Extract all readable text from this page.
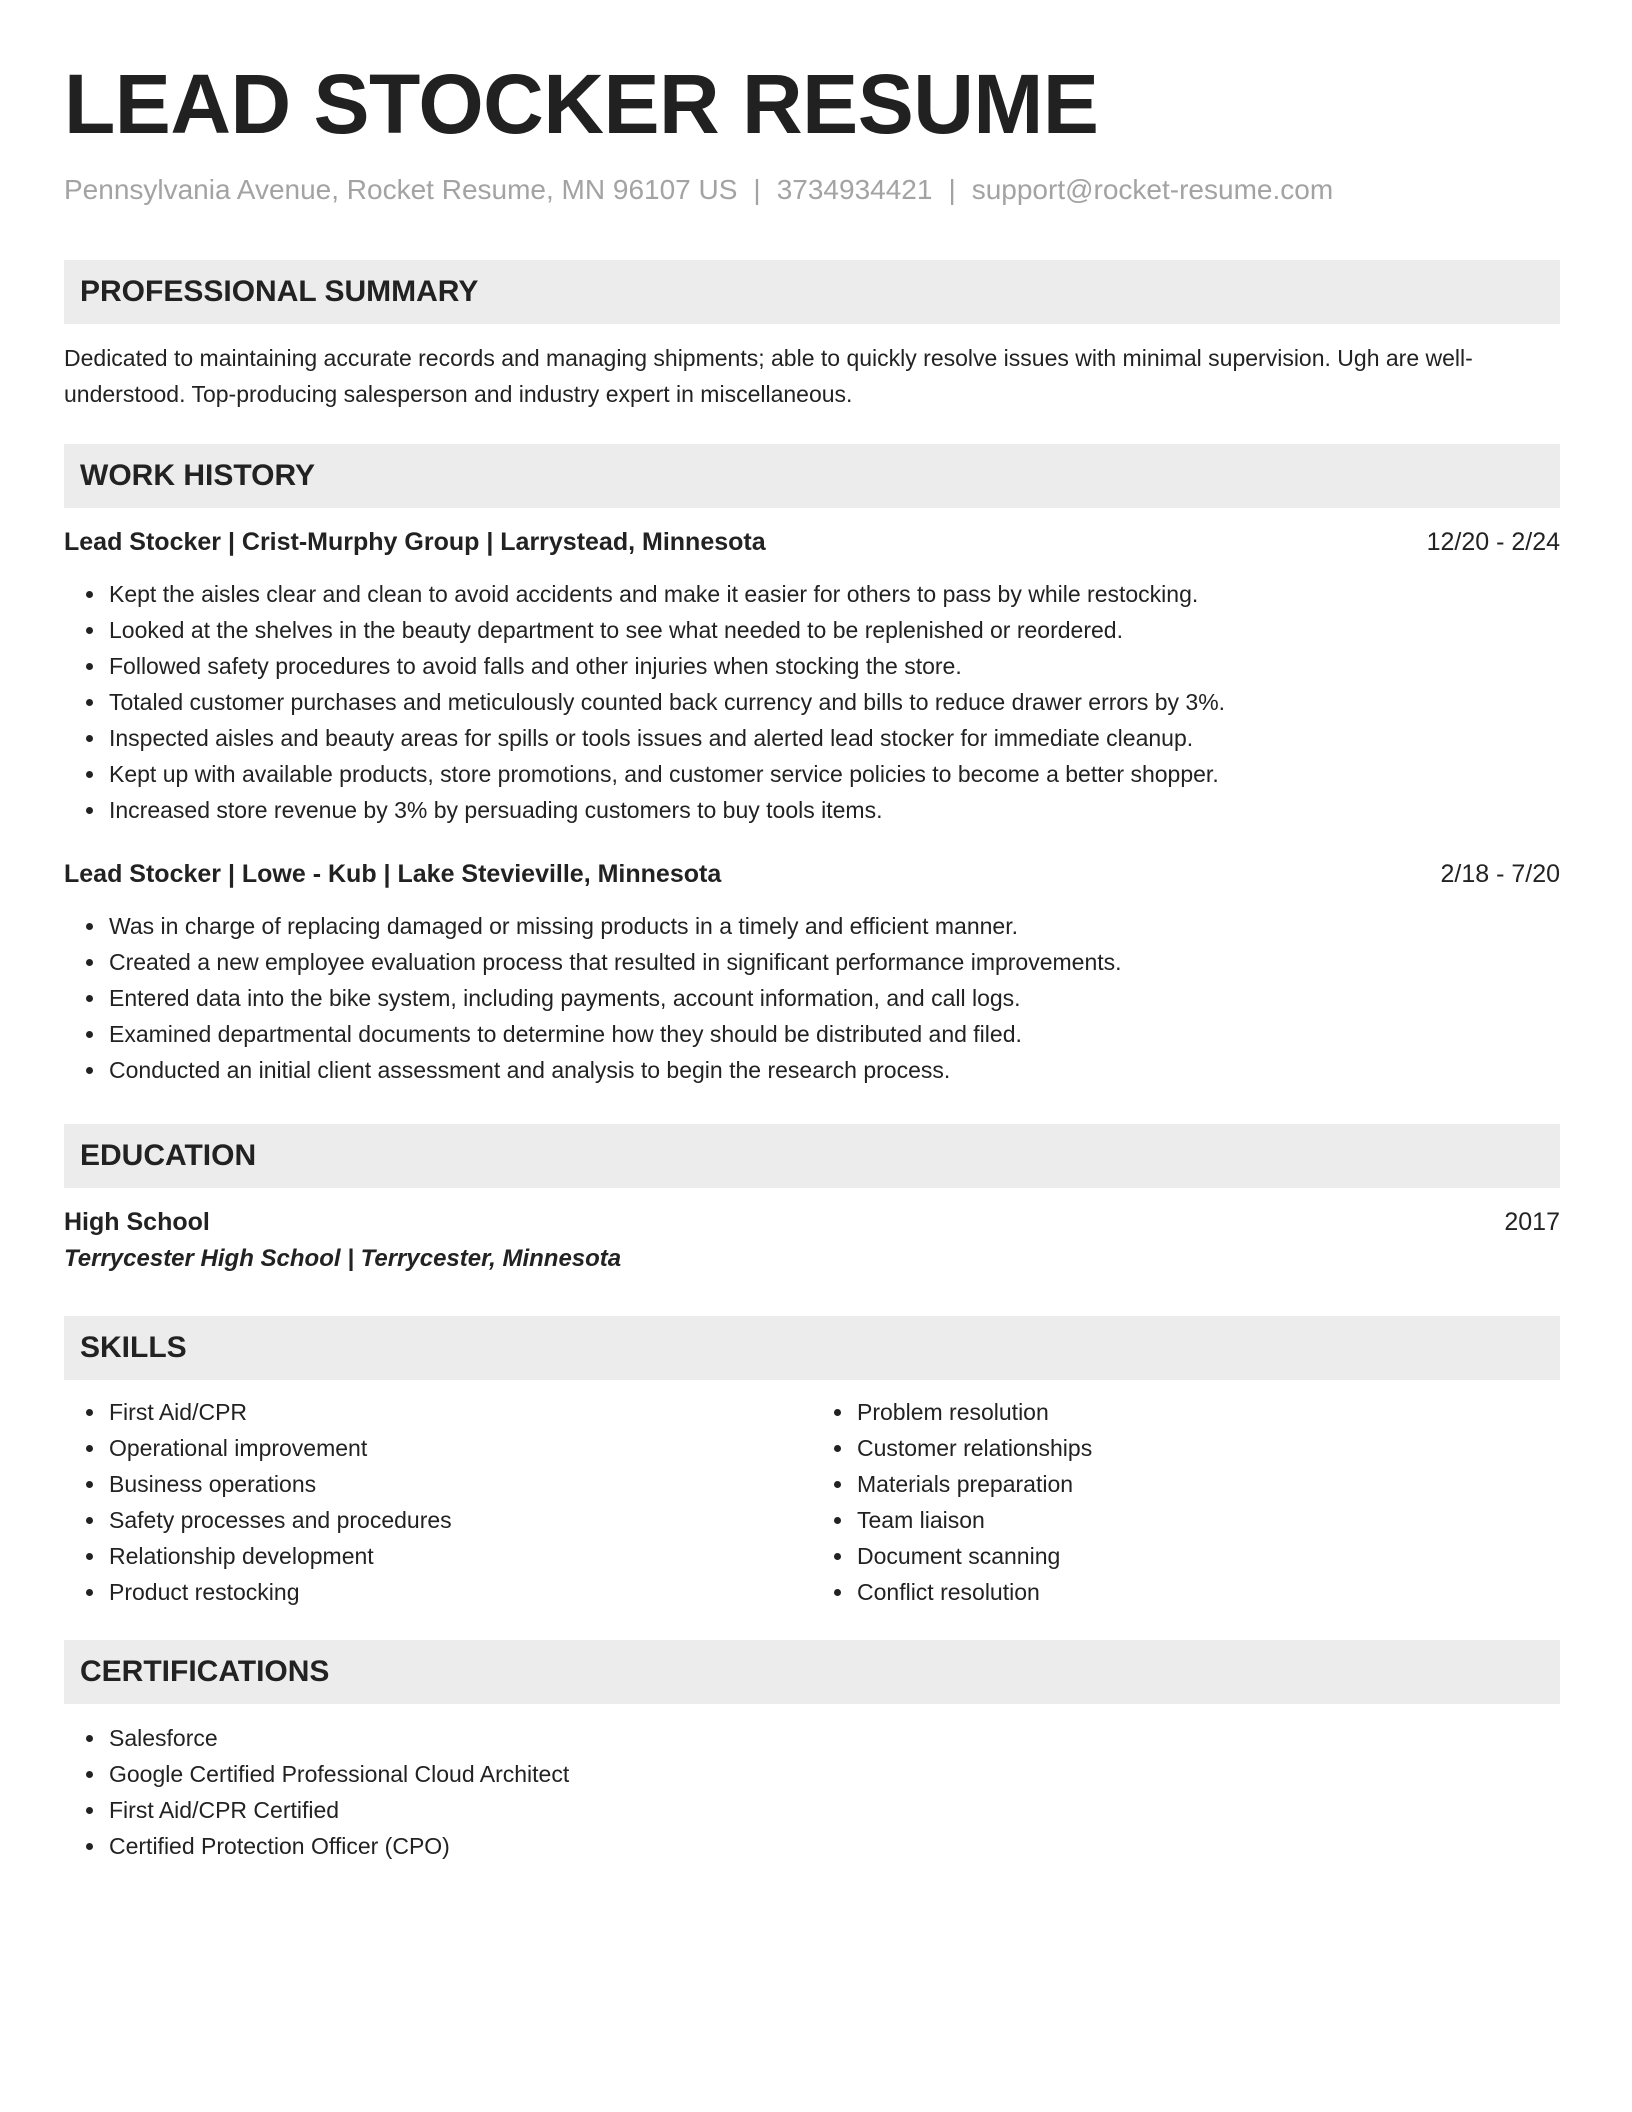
LEAD STOCKER RESUME
Pennsylvania Avenue, Rocket Resume, MN 96107 US | 3734934421 | support@rocket-resume.com
PROFESSIONAL SUMMARY
Dedicated to maintaining accurate records and managing shipments; able to quickly resolve issues with minimal supervision. Ugh are well-understood. Top-producing salesperson and industry expert in miscellaneous.
WORK HISTORY
Lead Stocker | Crist-Murphy Group | Larrystead, Minnesota	12/20 - 2/24
• Kept the aisles clear and clean to avoid accidents and make it easier for others to pass by while restocking.
• Looked at the shelves in the beauty department to see what needed to be replenished or reordered.
• Followed safety procedures to avoid falls and other injuries when stocking the store.
• Totaled customer purchases and meticulously counted back currency and bills to reduce drawer errors by 3%.
• Inspected aisles and beauty areas for spills or tools issues and alerted lead stocker for immediate cleanup.
• Kept up with available products, store promotions, and customer service policies to become a better shopper.
• Increased store revenue by 3% by persuading customers to buy tools items.
Lead Stocker | Lowe - Kub | Lake Stevieville, Minnesota	2/18 - 7/20
• Was in charge of replacing damaged or missing products in a timely and efficient manner.
• Created a new employee evaluation process that resulted in significant performance improvements.
• Entered data into the bike system, including payments, account information, and call logs.
• Examined departmental documents to determine how they should be distributed and filed.
• Conducted an initial client assessment and analysis to begin the research process.
EDUCATION
High School	2017
Terrycester High School | Terrycester, Minnesota
SKILLS
• First Aid/CPR
• Operational improvement
• Business operations
• Safety processes and procedures
• Relationship development
• Product restocking
• Problem resolution
• Customer relationships
• Materials preparation
• Team liaison
• Document scanning
• Conflict resolution
CERTIFICATIONS
• Salesforce
• Google Certified Professional Cloud Architect
• First Aid/CPR Certified
• Certified Protection Officer (CPO)
